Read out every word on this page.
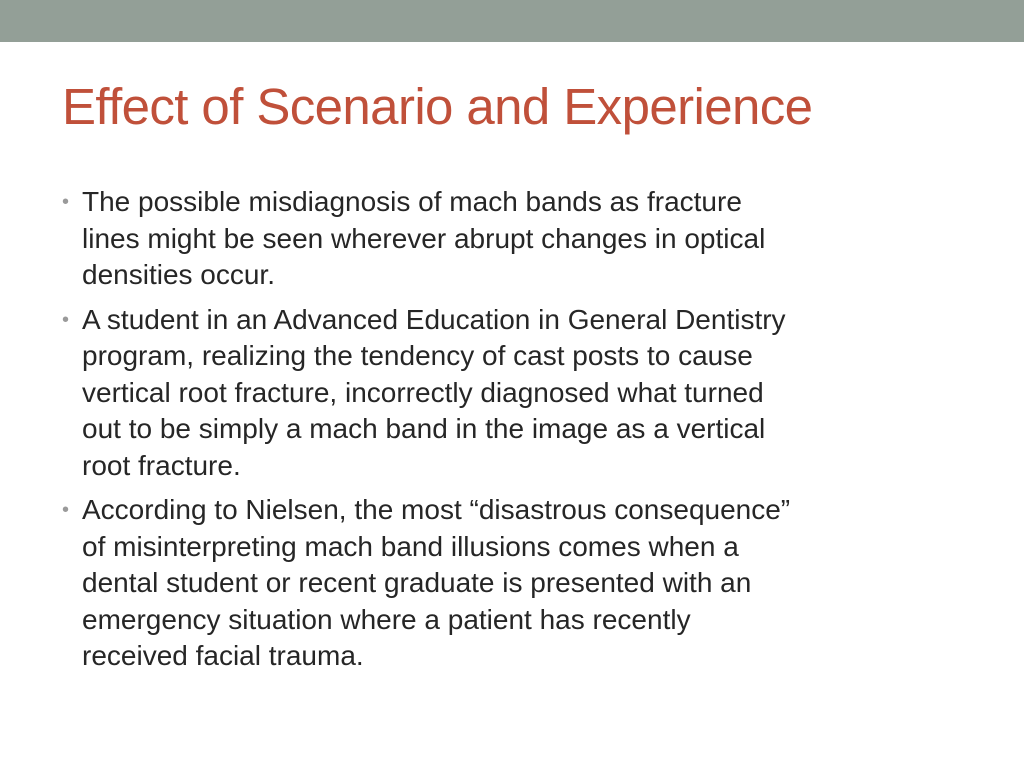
Effect of Scenario and Experience
• The possible misdiagnosis of mach bands as fracture
lines might be seen wherever abrupt changes in optical
densities occur.
• A student in an Advanced Education in General Dentistry
program, realizing the tendency of cast posts to cause
vertical root fracture, incorrectly diagnosed what turned
out to be simply a mach band in the image as a vertical
root fracture.
• According to Nielsen, the most “disastrous consequence”
of misinterpreting mach band illusions comes when a
dental student or recent graduate is presented with an
emergency situation where a patient has recently
received facial trauma.
